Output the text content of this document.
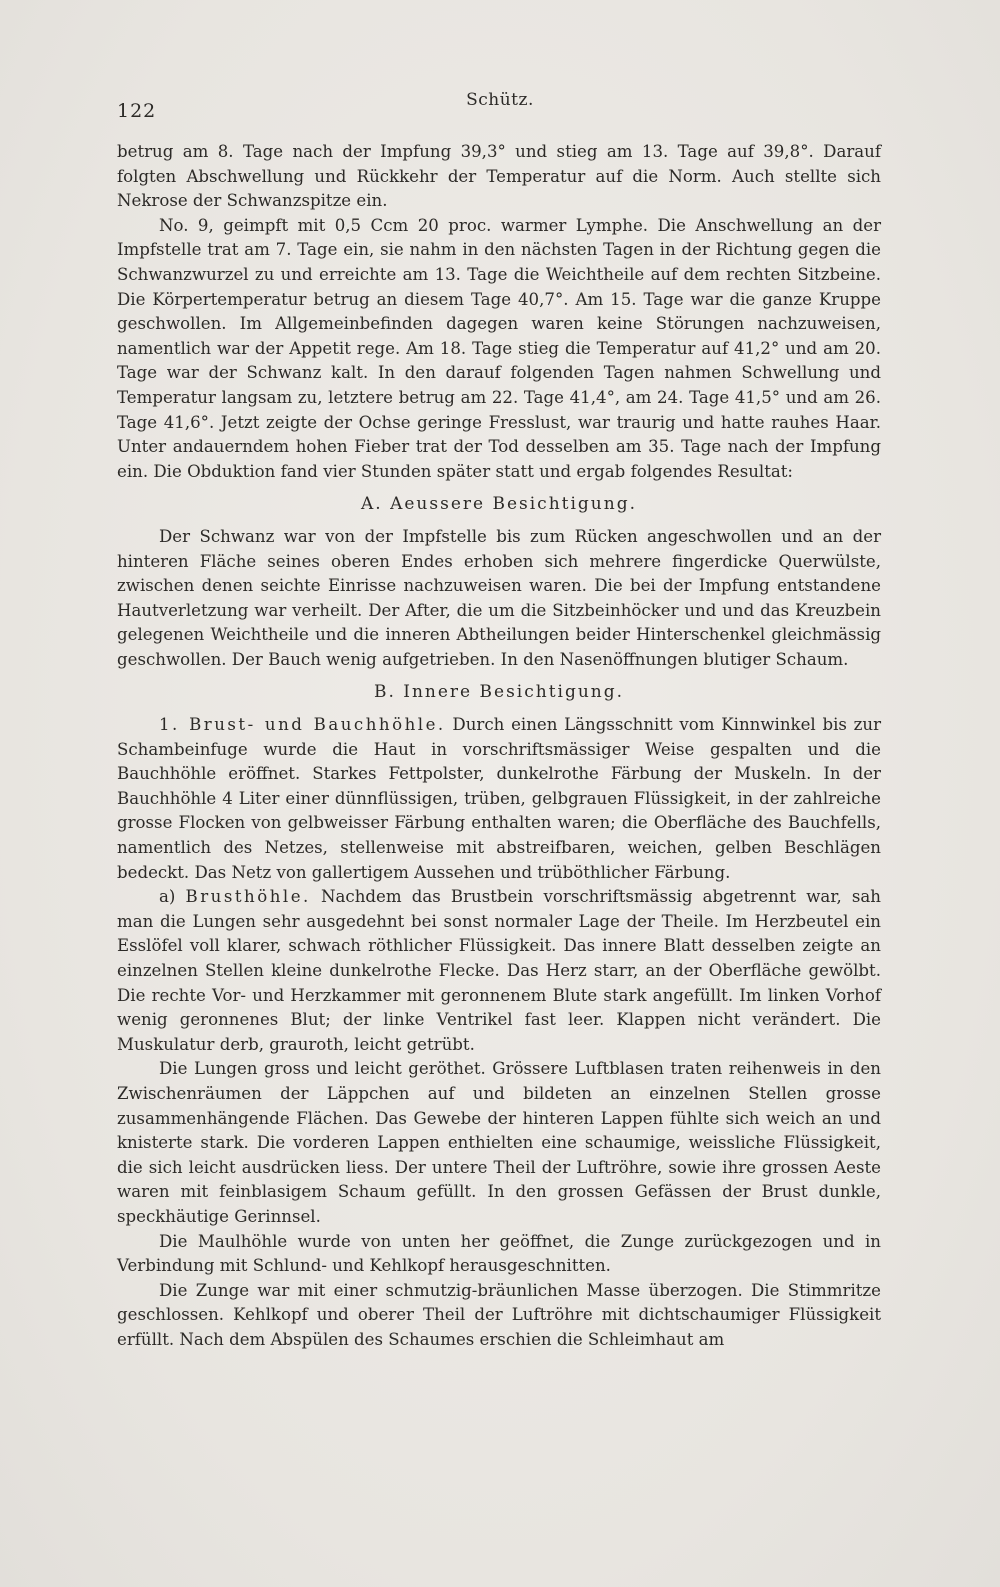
122	Schütz.

betrug am 8. Tage nach der Impfung 39,3° und stieg am 13. Tage auf 39,8°. Darauf folgten Abschwellung und Rückkehr der Temperatur auf die Norm. Auch stellte sich Nekrose der Schwanzspitze ein.

No. 9, geimpft mit 0,5 Ccm 20 proc. warmer Lymphe. Die Anschwellung an der Impfstelle trat am 7. Tage ein, sie nahm in den nächsten Tagen in der Richtung gegen die Schwanzwurzel zu und erreichte am 13. Tage die Weichtheile auf dem rechten Sitzbeine. Die Körpertemperatur betrug an diesem Tage 40,7°. Am 15. Tage war die ganze Kruppe geschwollen. Im Allgemeinbefinden dagegen waren keine Störungen nachzuweisen, namentlich war der Appetit rege. Am 18. Tage stieg die Temperatur auf 41,2° und am 20. Tage war der Schwanz kalt. In den darauf folgenden Tagen nahmen Schwellung und Temperatur langsam zu, letztere betrug am 22. Tage 41,4°, am 24. Tage 41,5° und am 26. Tage 41,6°. Jetzt zeigte der Ochse geringe Fresslust, war traurig und hatte rauhes Haar. Unter andauerndem hohen Fieber trat der Tod desselben am 35. Tage nach der Impfung ein. Die Obduktion fand vier Stunden später statt und ergab folgendes Resultat:

A. Aeussere Besichtigung.

Der Schwanz war von der Impfstelle bis zum Rücken angeschwollen und an der hinteren Fläche seines oberen Endes erhoben sich mehrere fingerdicke Querwülste, zwischen denen seichte Einrisse nachzuweisen waren. Die bei der Impfung entstandene Hautverletzung war verheilt. Der After, die um die Sitzbeinhöcker und und das Kreuzbein gelegenen Weichtheile und die inneren Abtheilungen beider Hinterschenkel gleichmässig geschwollen. Der Bauch wenig aufgetrieben. In den Nasenöffnungen blutiger Schaum.

B. Innere Besichtigung.

1. Brust- und Bauchhöhle. Durch einen Längsschnitt vom Kinnwinkel bis zur Schambeinfuge wurde die Haut in vorschriftsmässiger Weise gespalten und die Bauchhöhle eröffnet. Starkes Fettpolster, dunkelrothe Färbung der Muskeln. In der Bauchhöhle 4 Liter einer dünnflüssigen, trüben, gelbgrauen Flüssigkeit, in der zahlreiche grosse Flocken von gelbweisser Färbung enthalten waren; die Oberfläche des Bauchfells, namentlich des Netzes, stellenweise mit abstreifbaren, weichen, gelben Beschlägen bedeckt. Das Netz von gallertigem Aussehen und trüböthlicher Färbung.

a) Brusthöhle. Nachdem das Brustbein vorschriftsmässig abgetrennt war, sah man die Lungen sehr ausgedehnt bei sonst normaler Lage der Theile. Im Herzbeutel ein Esslöfel voll klarer, schwach röthlicher Flüssigkeit. Das innere Blatt desselben zeigte an einzelnen Stellen kleine dunkelrothe Flecke. Das Herz starr, an der Oberfläche gewölbt. Die rechte Vor- und Herzkammer mit geronnenem Blute stark angefüllt. Im linken Vorhof wenig geronnenes Blut; der linke Ventrikel fast leer. Klappen nicht verändert. Die Muskulatur derb, grauroth, leicht getrübt.

Die Lungen gross und leicht geröthet. Grössere Luftblasen traten reihenweis in den Zwischenräumen der Läppchen auf und bildeten an einzelnen Stellen grosse zusammenhängende Flächen. Das Gewebe der hinteren Lappen fühlte sich weich an und knisterte stark. Die vorderen Lappen enthielten eine schaumige, weissliche Flüssigkeit, die sich leicht ausdrücken liess. Der untere Theil der Luftröhre, sowie ihre grossen Aeste waren mit feinblasigem Schaum gefüllt. In den grossen Gefässen der Brust dunkle, speckhäutige Gerinnsel.

Die Maulhöhle wurde von unten her geöffnet, die Zunge zurückgezogen und in Verbindung mit Schlund- und Kehlkopf herausgeschnitten.

Die Zunge war mit einer schmutzig-bräunlichen Masse überzogen. Die Stimmritze geschlossen. Kehlkopf und oberer Theil der Luftröhre mit dichtschaumiger Flüssigkeit erfüllt. Nach dem Abspülen des Schaumes erschien die Schleimhaut am
